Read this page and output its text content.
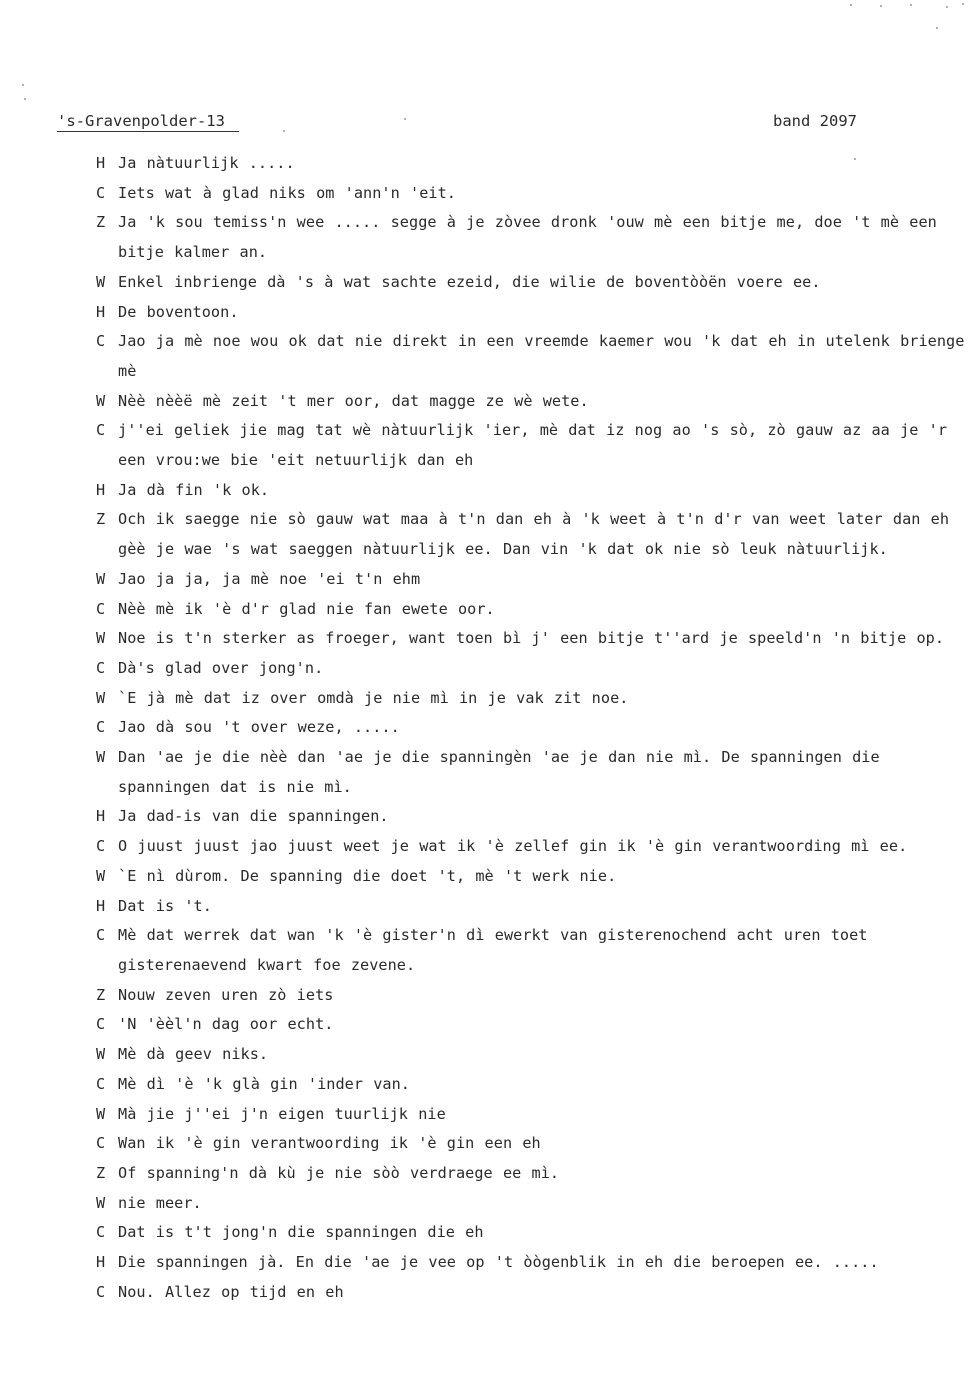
's-Gravenpolder-13	band 2097
H Ja nàtuurlijk .....
C Iets wat à glad niks om 'ann'n 'eit.
Z Ja 'k sou temiss'n wee ..... segge à je zòvee dronk 'ouw mè een bitje me, doe 't mè een bitje kalmer an.
W Enkel inbrienge dà 's à wat sachte ezeid, die wilie de boventòòën voere ee.
H De boventoon.
C Jao ja mè noe wou ok dat nie direkt in een vreemde kaemer wou 'k dat eh in utelenk brienge mè
W Nèè nèèë mè zeit 't mer oor, dat magge ze wè wete.
C j''ei geliek jie mag tat wè nàtuurlijk 'ier, mè dat iz nog ao 's sò, zò gauw az aa je 'r een vrou:we bie 'eit netuurlijk dan eh
H Ja dà fin 'k ok.
Z Och ik saegge nie sò gauw wat maa à t'n dan eh à 'k weet à t'n d'r van weet later dan eh gèè je wae 's wat saeggen nàtuurlijk ee. Dan vin 'k dat ok nie sò leuk nàtuurlijk.
W Jao ja ja, ja mè noe 'ei t'n ehm
C Nèè mè ik 'è d'r glad nie fan ewete oor.
W Noe is t'n sterker as froeger, want toen bì j' een bitje t''ard je speeld'n 'n bitje op.
C Dà's glad over jong'n.
W `E jà mè dat iz over omdà je nie mì in je vak zit noe.
C Jao dà sou 't over weze, .....
W Dan 'ae je die nèè dan 'ae je die spanningèn 'ae je dan nie mì. De spanningen die spanningen dat is nie mì.
H Ja dad-is van die spanningen.
C O juust juust jao juust weet je wat ik 'è zellef gin ik 'è gin verantwoording mì ee.
W `E nì dùrom. De spanning die doet 't, mè 't werk nie.
H Dat is 't.
C Mè dat werrek dat wan 'k 'è gister'n dì ewerkt van gisterenochend acht uren toet gisterenaevend kwart foe zevene.
Z Nouw zeven uren zò iets
C 'N 'èèl'n dag oor echt.
W Mè dà geev niks.
C Mè dì 'è 'k glà gin 'inder van.
W Mà jie j''ei j'n eigen tuurlijk nie
C Wan ik 'è gin verantwoording ik 'è gin een eh
Z Of spanning'n dà kù je nie sòò verdraege ee mì.
W nie meer.
C Dat is t't jong'n die spanningen die eh
H Die spanningen jà. En die 'ae je vee op 't òògenblik in eh die beroepen ee. .....
C Nou. Allez op tijd en eh
